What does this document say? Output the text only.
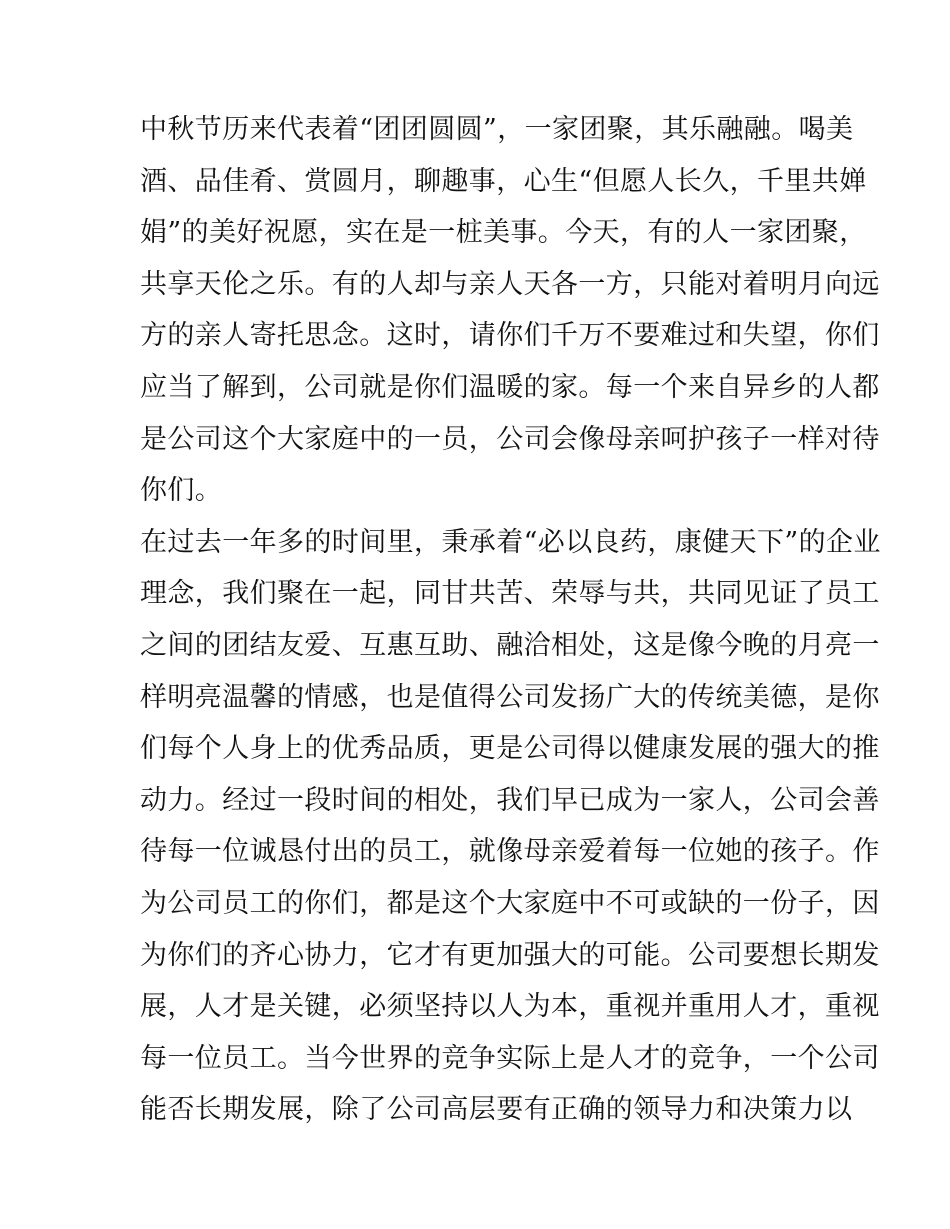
中秋节历来代表着“团团圆圆”，一家团聚，其乐融融。喝美
酒、品佳肴、赏圆月，聊趣事，心生“但愿人长久，千里共婵
娟”的美好祝愿，实在是一桩美事。今天，有的人一家团聚，
共享天伦之乐。有的人却与亲人天各一方，只能对着明月向远
方的亲人寄托思念。这时，请你们千万不要难过和失望，你们
应当了解到，公司就是你们温暖的家。每一个来自异乡的人都
是公司这个大家庭中的一员，公司会像母亲呵护孩子一样对待
你们。
在过去一年多的时间里，秉承着“必以良药，康健天下”的企业
理念，我们聚在一起，同甘共苦、荣辱与共，共同见证了员工
之间的团结友爱、互惠互助、融洽相处，这是像今晚的月亮一
样明亮温馨的情感，也是值得公司发扬广大的传统美德，是你
们每个人身上的优秀品质，更是公司得以健康发展的强大的推
动力。经过一段时间的相处，我们早已成为一家人，公司会善
待每一位诚恳付出的员工，就像母亲爱着每一位她的孩子。作
为公司员工的你们，都是这个大家庭中不可或缺的一份子，因
为你们的齐心协力，它才有更加强大的可能。公司要想长期发
展，人才是关键，必须坚持以人为本，重视并重用人才，重视
每一位员工。当今世界的竞争实际上是人才的竞争，一个公司
能否长期发展，除了公司高层要有正确的领导力和决策力以
